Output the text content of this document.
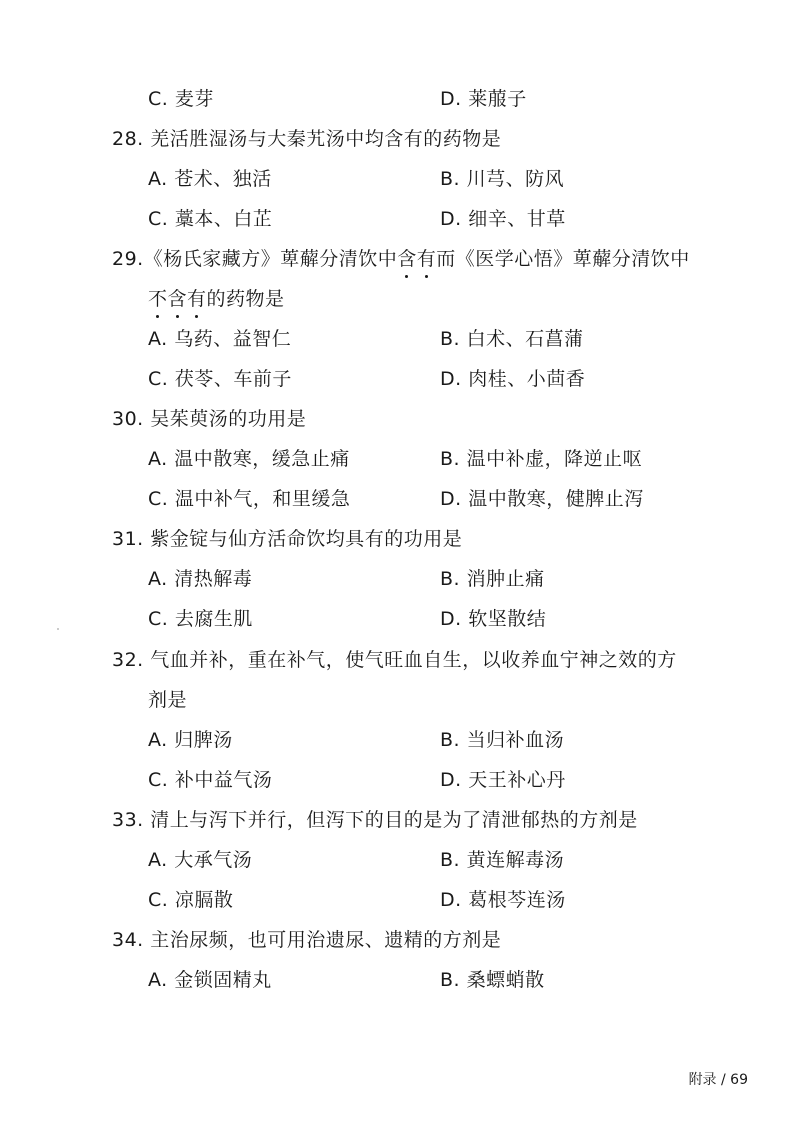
C. 麦芽	D. 莱菔子
28. 羌活胜湿汤与大秦艽汤中均含有的药物是
A. 苍术、独活	B. 川芎、防风
C. 藁本、白芷	D. 细辛、甘草
29.《杨氏家藏方》萆薢分清饮中含有而《医学心悟》萆薢分清饮中
不含有的药物是
A. 乌药、益智仁	B. 白术、石菖蒲
C. 茯苓、车前子	D. 肉桂、小茴香
30. 吴茱萸汤的功用是
A. 温中散寒，缓急止痛	B. 温中补虚，降逆止呕
C. 温中补气，和里缓急	D. 温中散寒，健脾止泻
31. 紫金锭与仙方活命饮均具有的功用是
A. 清热解毒	B. 消肿止痛
C. 去腐生肌	D. 软坚散结
32. 气血并补，重在补气，使气旺血自生，以收养血宁神之效的方
剂是
A. 归脾汤	B. 当归补血汤
C. 补中益气汤	D. 天王补心丹
33. 清上与泻下并行，但泻下的目的是为了清泄郁热的方剂是
A. 大承气汤	B. 黄连解毒汤
C. 凉膈散	D. 葛根芩连汤
34. 主治尿频，也可用治遗尿、遗精的方剂是
A. 金锁固精丸	B. 桑螵蛸散
附录 / 69
